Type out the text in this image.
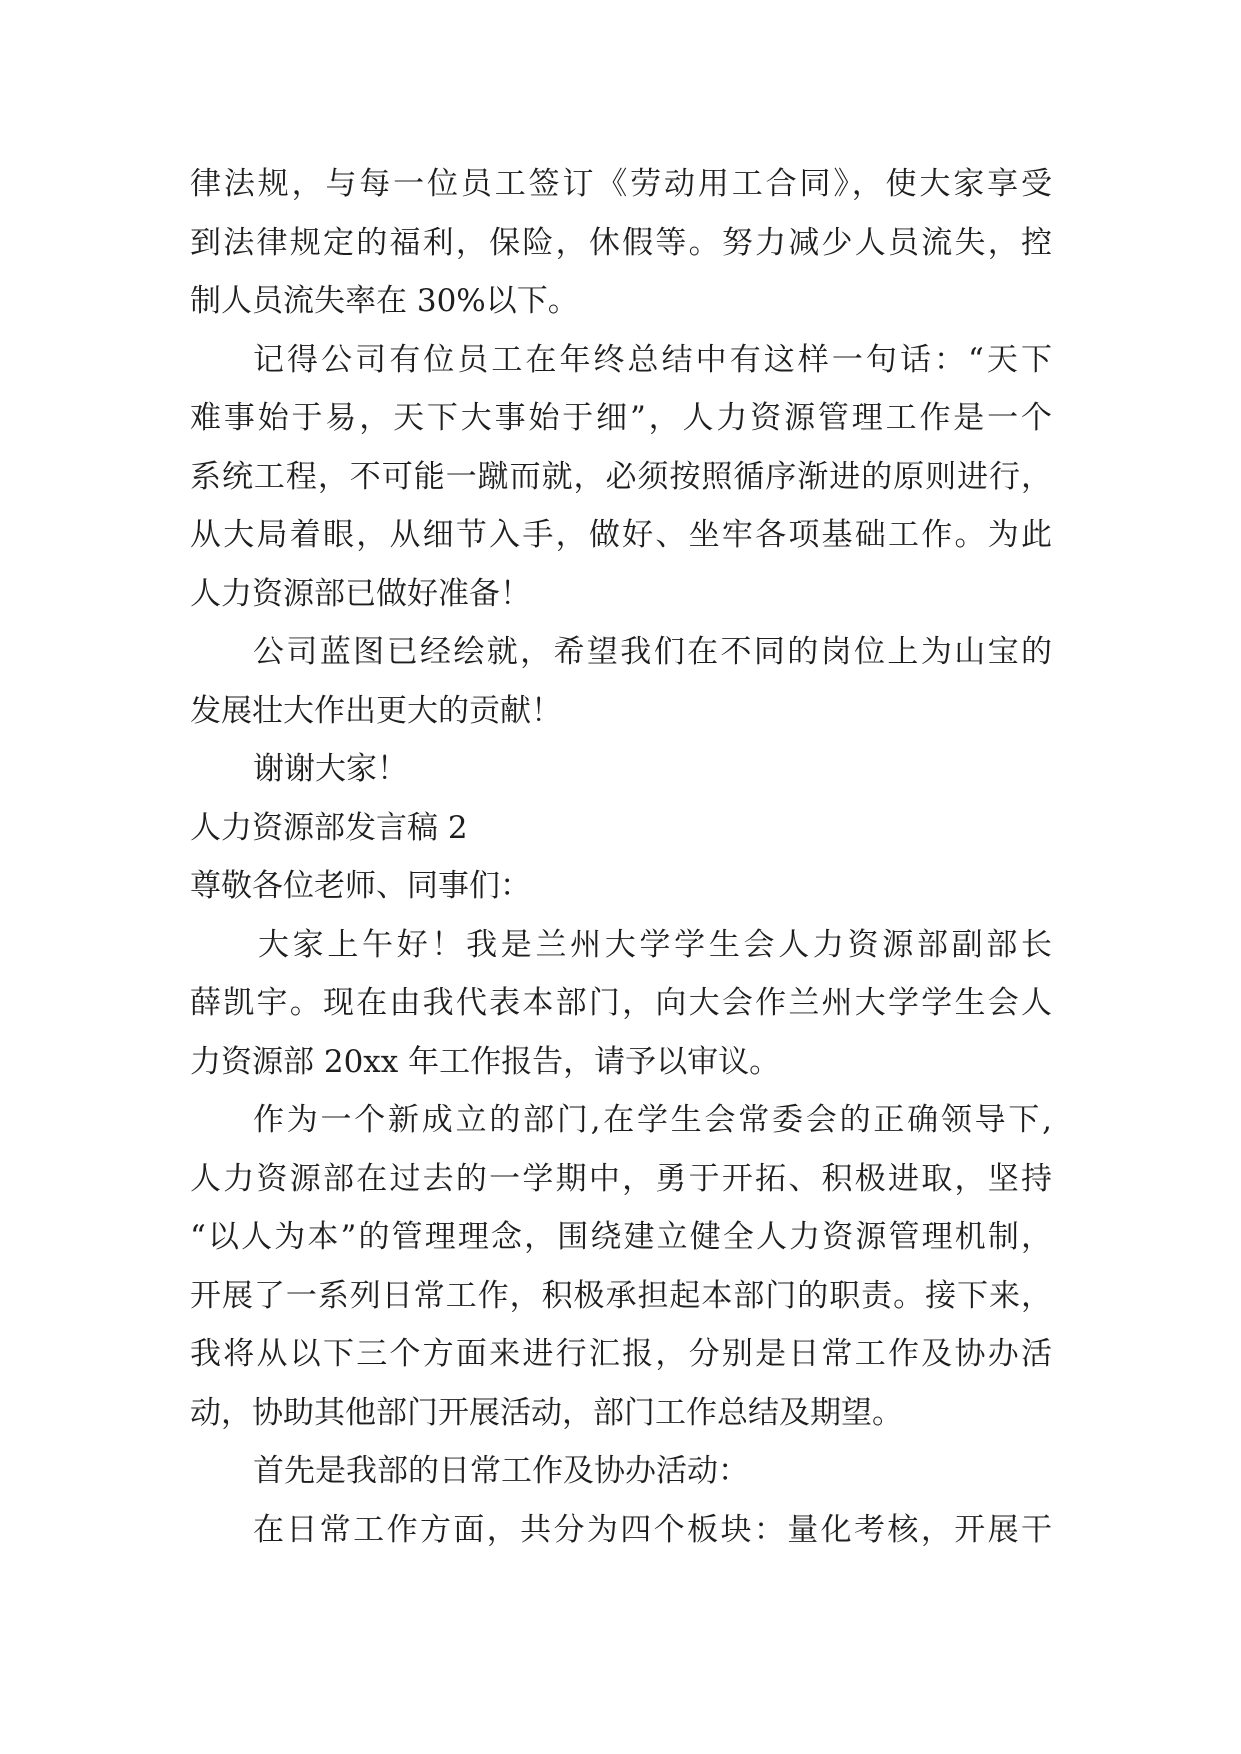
律法规，与每一位员工签订《劳动用工合同》，使大家享受
到法律规定的福利，保险，休假等。努力减少人员流失，控
制人员流失率在 30%以下。
记得公司有位员工在年终总结中有这样一句话：“天下
难事始于易，天下大事始于细”，人力资源管理工作是一个
系统工程，不可能一蹴而就，必须按照循序渐进的原则进行，
从大局着眼，从细节入手，做好、坐牢各项基础工作。为此
人力资源部已做好准备！
公司蓝图已经绘就，希望我们在不同的岗位上为山宝的
发展壮大作出更大的贡献！
谢谢大家！
人力资源部发言稿 2
尊敬各位老师、同事们：
大家上午好！我是兰州大学学生会人力资源部副部长
薛凯宇。现在由我代表本部门，向大会作兰州大学学生会人
力资源部 20xx 年工作报告，请予以审议。
作为一个新成立的部门,在学生会常委会的正确领导下,
人力资源部在过去的一学期中，勇于开拓、积极进取，坚持
“以人为本”的管理理念，围绕建立健全人力资源管理机制，
开展了一系列日常工作，积极承担起本部门的职责。接下来，
我将从以下三个方面来进行汇报，分别是日常工作及协办活
动，协助其他部门开展活动，部门工作总结及期望。
首先是我部的日常工作及协办活动：
在日常工作方面，共分为四个板块：量化考核，开展干
